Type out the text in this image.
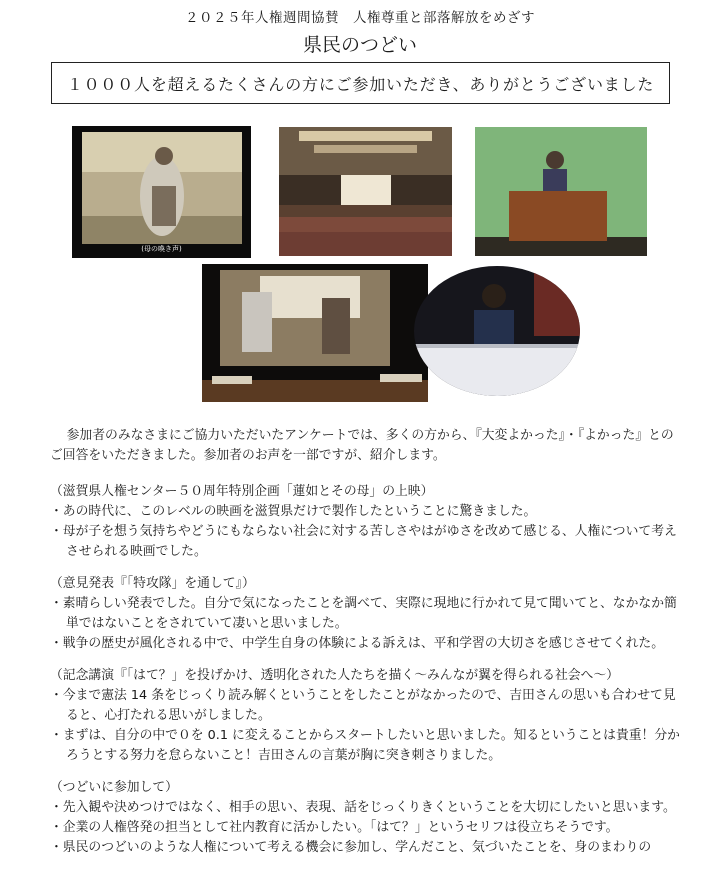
２０２５年人権週間協賛　人権尊重と部落解放をめざす
県民のつどい
１０００人を超えるたくさんの方にご参加いただき、ありがとうございました
(母の喚き声)

参加者のみなさまにご協力いただいたアンケートでは、多くの方から、『大変よかった』・『よかった』とのご回答をいただきました。参加者のお声を一部ですが、紹介します。

（滋賀県人権センター５０周年特別企画「蓮如とその母」の上映）

・あの時代に、このレベルの映画を滋賀県だけで製作したということに驚きました。

・母が子を想う気持ちやどうにもならない社会に対する苦しさやはがゆさを改めて感じる、人権について考えさせられる映画でした。

（意見発表『「特攻隊」を通して』）

・素晴らしい発表でした。自分で気になったことを調べて、実際に現地に行かれて見て聞いてと、なかなか簡単ではないことをされていて凄いと思いました。

・戦争の歴史が風化される中で、中学生自身の体験による訴えは、平和学習の大切さを感じさせてくれた。

（記念講演『「はて？」を投げかけ、透明化された人たちを描く～みんなが翼を得られる社会へ～）

・今まで憲法 14 条をじっくり読み解くということをしたことがなかったので、吉田さんの思いも合わせて見ると、心打たれる思いがしました。

・まずは、自分の中で０を 0.1 に変えることからスタートしたいと思いました。知るということは貴重！分かろうとする努力を怠らないこと！吉田さんの言葉が胸に突き刺さりました。

（つどいに参加して）

・先入観や決めつけではなく、相手の思い、表現、話をじっくりきくということを大切にしたいと思います。

・企業の人権啓発の担当として社内教育に活かしたい。「はて？」というセリフは役立ちそうです。

・県民のつどいのような人権について考える機会に参加し、学んだこと、気づいたことを、身のまわりの
